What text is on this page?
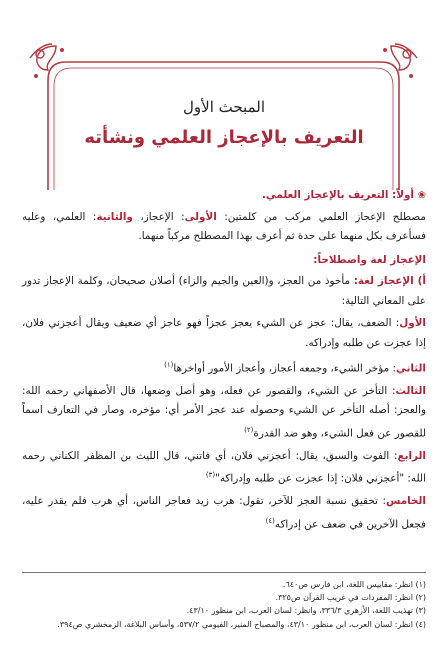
المبحث الأول
التعريف بالإعجاز العلمي ونشأته
❀ أولاً: التعريف بالإعجاز العلمي.

مصطلح الإعجاز العلمي مركب من كلمتين: الأولى: الإعجاز، والثانية: العلمي، وعليه فسأعرف بكل منهما على حدة ثم أعرف بهذا المصطلح مركباً منهما.

الإعجاز لغة واصطلاحاً:

أ) الإعجاز لغة: مأخوذ من العجز، و(العين والجيم والزاء) أصلان صحيحان، وكلمة الإعجاز تدور على المعاني التالية:

الأول: الضعف، يقال: عجز عن الشيء يعجز عجزاً فهو عاجز أي ضعيف ويقال أعجزني فلان، إذا عجزت عن طلبه وإدراكه.

الثاني: مؤخر الشيء، وجمعه أعجاز، وأعجاز الأمور أواخرها$^{(١)}$

الثالث: التأخر عن الشيء، والقصور عن فعله، وهو أصل وضعها، قال الأصفهاني رحمه الله: والعجز: أصله التأخر عن الشيء وحصوله عند عجز الأمر أي: مؤخره، وصار في التعارف اسماً للقصور عن فعل الشيء، وهو ضد القدرة$^{(٢)}$

الرابع: الفوت والسبق، يقال: أعجزني فلان، أي فاتني، قال الليث بن المظفر الكناني رحمه الله: "أعجزني فلان: إذا عجزت عن طلبه وإدراكه"$^{(٣)}$

الخامس: تحقيق نسبة العجز للآخر، تقول: هرب زيد فعاجز الناس، أي هرب فلم يقدر عليه، فجعل الآخرين في ضعف عن إدراكه$^{(٤)}$

(١) انظر: مقاييس اللغة، ابن فارس ص٦٤٠.
(٢) انظر: المفردات في غريب القرآن ص٣٢٥.
(٣) تهذيب اللغة، الأزهري ٣٣٦/٣، وانظر: لسان العرب، ابن منظور ٤٣/١٠.
(٤) انظر: لسان العرب، ابن منظور ٤٣/١٠، والمصباح المنير، الفيومي ٥٣٧/٢، وأساس البلاغة، الزمخشري ص٣٩٤.
